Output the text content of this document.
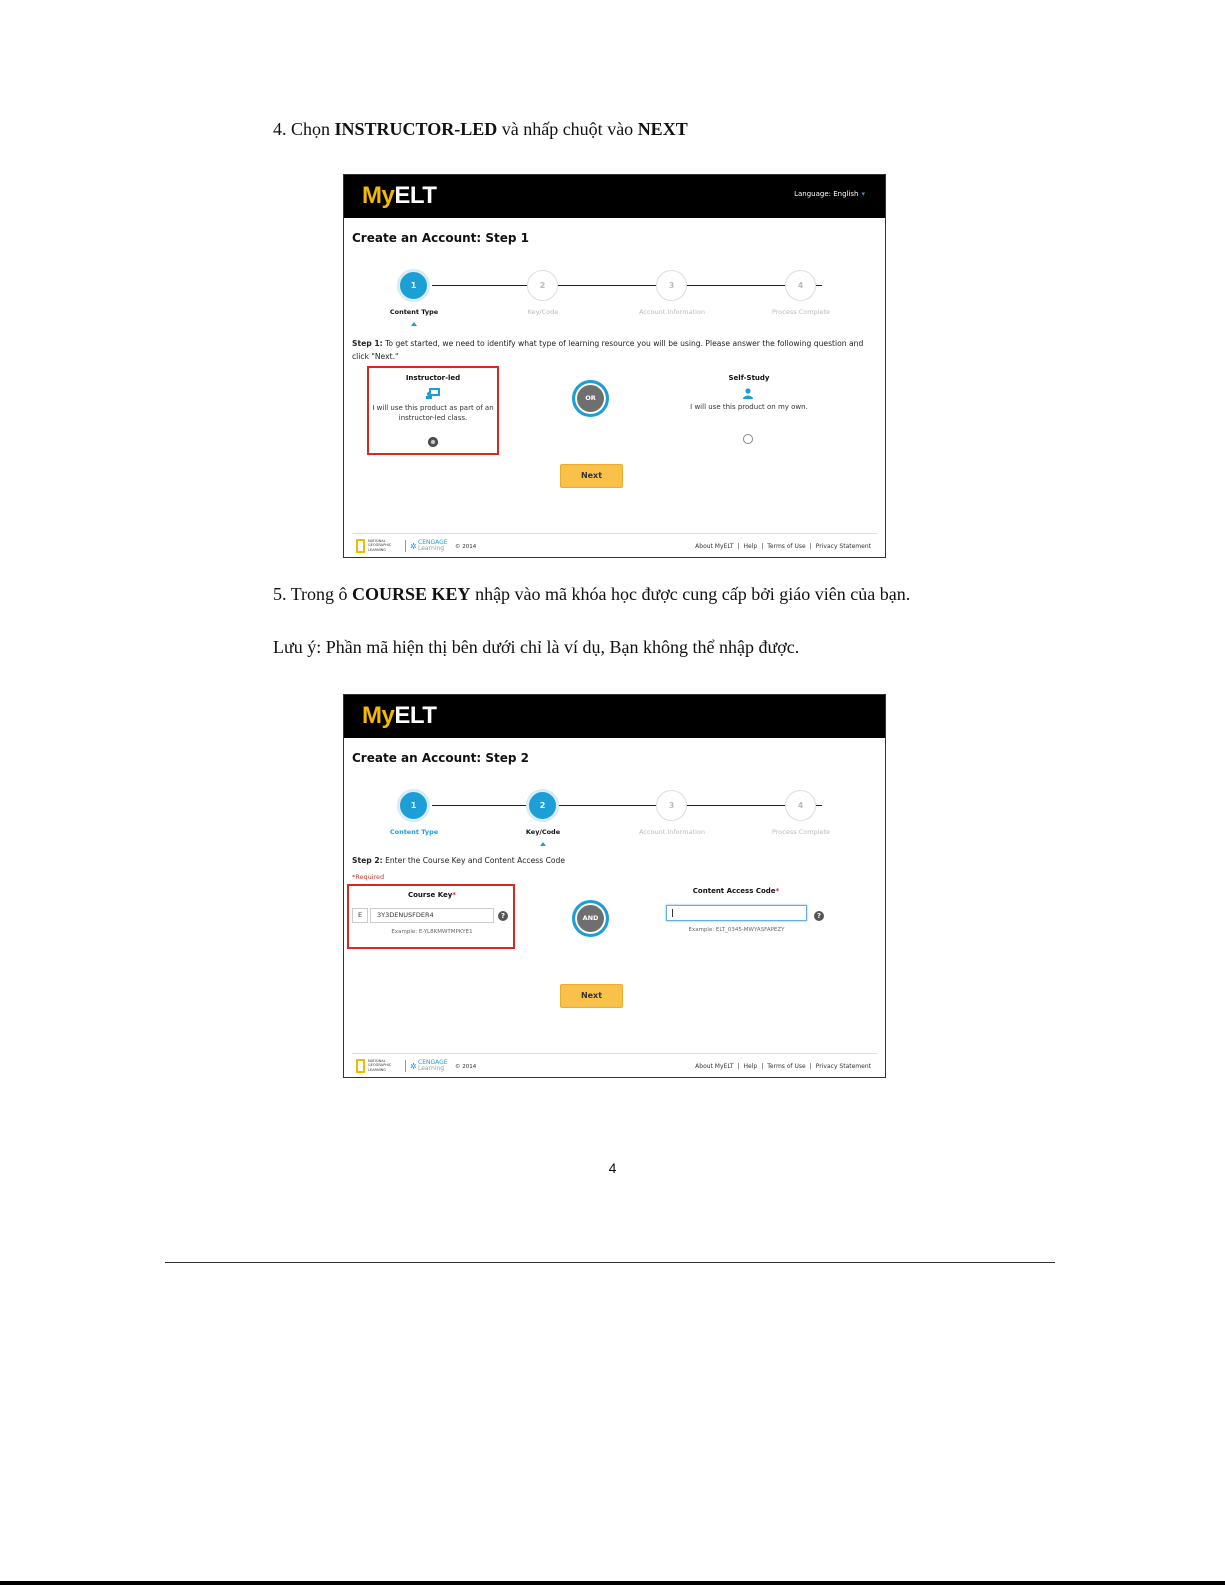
4. Chọn INSTRUCTOR-LED và nhấp chuột vào NEXT
MyELT	Language: English ▾
Create an Account: Step 1
1	2	3	4
Content Type	Key/Code	Account Information	Process Complete
Step 1: To get started, we need to identify what type of learning resource you will be using. Please answer the following question and click "Next."
Instructor-led
I will use this product as part of an instructor-led class.
OR
Self-Study
I will use this product on my own.
Next
NATIONAL GEOGRAPHIC LEARNING	✲ CENGAGE
Learning	© 2014	About MyELT | Help | Terms of Use | Privacy Statement
5. Trong ô COURSE KEY nhập vào mã khóa học được cung cấp bởi giáo viên của bạn.
Lưu ý: Phần mã hiện thị bên dưới chỉ là ví dụ, Bạn không thể nhập được.
MyELT
Create an Account: Step 2
1	2	3	4
Content Type	Key/Code	Account Information	Process Complete
Step 2: Enter the Course Key and Content Access Code
*Required
Course Key*
E	3Y3DENUSFDER4	?
Example: E-YL8KMWTMPKYE1
AND
Content Access Code*
?
Example: ELT_0345-MWYASFAPEZY
Next
NATIONAL GEOGRAPHIC LEARNING	✲ CENGAGE
Learning	© 2014	About MyELT | Help | Terms of Use | Privacy Statement
4
